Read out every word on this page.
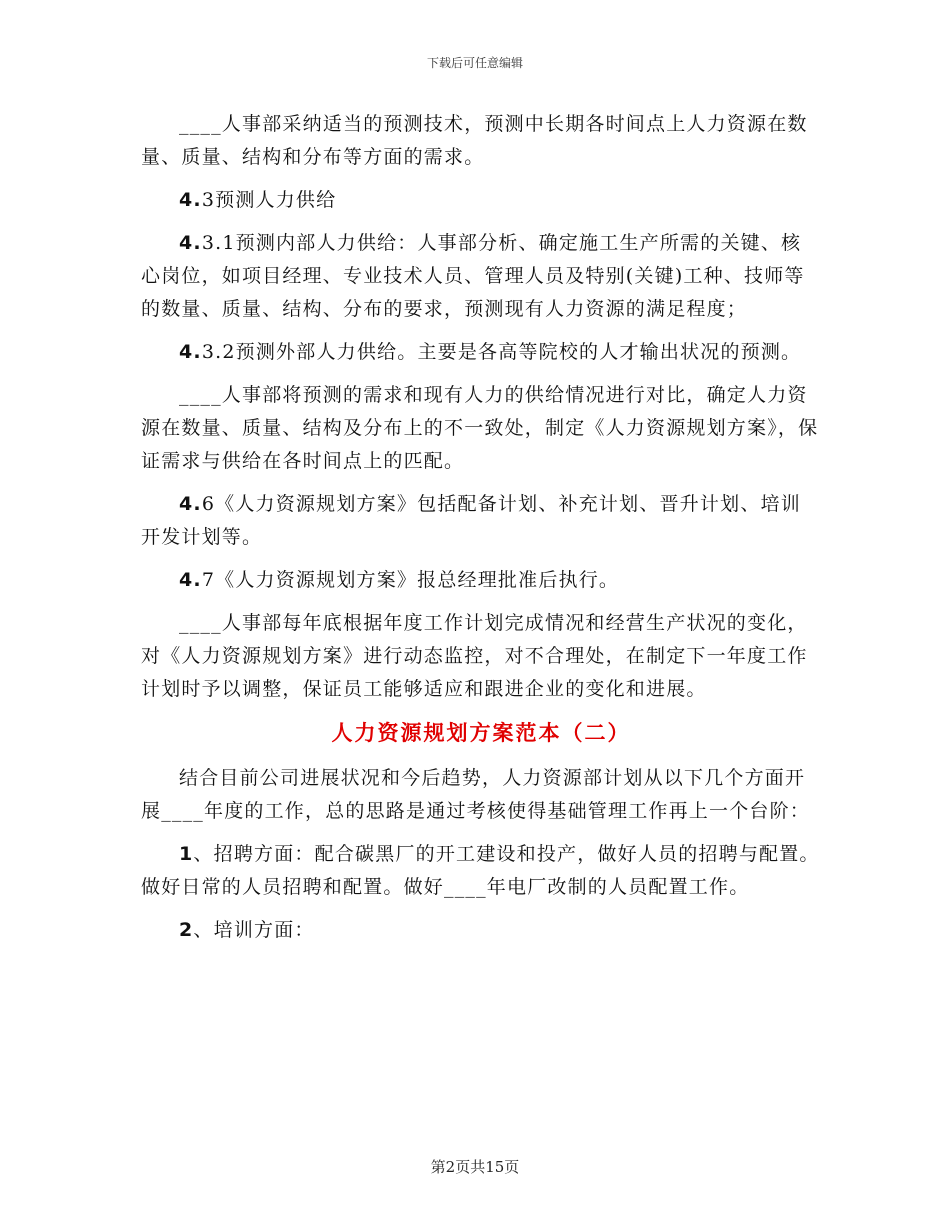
下载后可任意编辑

____人事部采纳适当的预测技术，预测中长期各时间点上人力资源在数量、质量、结构和分布等方面的需求。

4.3预测人力供给

4.3.1预测内部人力供给：人事部分析、确定施工生产所需的关键、核心岗位，如项目经理、专业技术人员、管理人员及特别(关键)工种、技师等的数量、质量、结构、分布的要求，预测现有人力资源的满足程度；

4.3.2预测外部人力供给。主要是各高等院校的人才输出状况的预测。

____人事部将预测的需求和现有人力的供给情况进行对比，确定人力资源在数量、质量、结构及分布上的不一致处，制定《人力资源规划方案》，保证需求与供给在各时间点上的匹配。

4.6《人力资源规划方案》包括配备计划、补充计划、晋升计划、培训开发计划等。

4.7《人力资源规划方案》报总经理批准后执行。

____人事部每年底根据年度工作计划完成情况和经营生产状况的变化，对《人力资源规划方案》进行动态监控，对不合理处，在制定下一年度工作计划时予以调整，保证员工能够适应和跟进企业的变化和进展。

人力资源规划方案范本（二）

结合目前公司进展状况和今后趋势，人力资源部计划从以下几个方面开展____年度的工作，总的思路是通过考核使得基础管理工作再上一个台阶：

1、招聘方面：配合碳黑厂的开工建设和投产，做好人员的招聘与配置。做好日常的人员招聘和配置。做好____年电厂改制的人员配置工作。

2、培训方面：

第2页共15页
